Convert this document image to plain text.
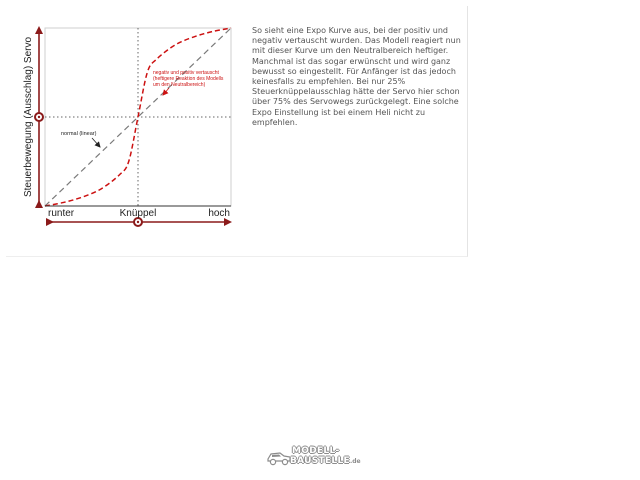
Steuerbewegung (Ausschlag) Servo
runter	Knüppel	hoch
normal (linear)
negativ und positiv vertauscht
(heftigere Reaktion des Modells
um den Neutralbereich)

So sieht eine Expo Kurve aus, bei der positiv und negativ vertauscht wurden. Das Modell reagiert nun mit dieser Kurve um den Neutralbereich heftiger. Manchmal ist das sogar erwünscht und wird ganz bewusst so eingestellt. Für Anfänger ist das jedoch keinesfalls zu empfehlen. Bei nur 25% Steuerknüppelausschlag hätte der Servo hier schon über 75% des Servowegs zurückgelegt. Eine solche Expo Einstellung ist bei einem Heli nicht zu empfehlen.

MODELL-
BAUSTELLE.de
